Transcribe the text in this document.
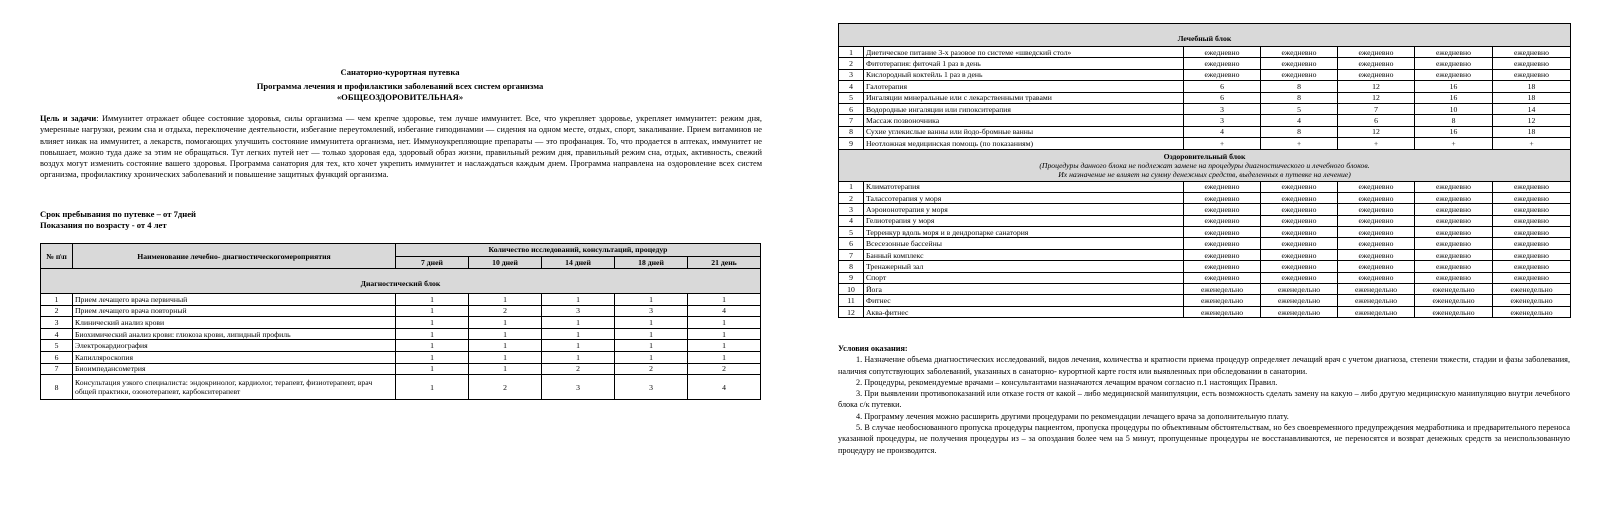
Санаторно-курортная путевка
Программа лечения и профилактики заболеваний всех систем организма
«ОБЩЕОЗДОРОВИТЕЛЬНАЯ»

Цель и задачи: Иммунитет отражает общее состояние здоровья, силы организма — чем крепче здоровье, тем лучше иммунитет. Все, что укрепляет здоровье, укрепляет иммунитет: режим дня, умеренные нагрузки, режим сна и отдыха, переключение деятельности, избегание переутомлений, избегание гиподинамии — сидения на одном месте, отдых, спорт, закаливание. Прием витаминов не влияет никак на иммунитет, а лекарств, помогающих улучшить состояние иммунитета организма, нет. Иммуноукрепляющие препараты — это профанация. То, что продается в аптеках, иммунитет не повышает, можно туда даже за этим не обращаться. Тут легких путей нет — только здоровая еда, здоровый образ жизни, правильный режим дня, правильный режим сна, отдых, активность, свежий воздух могут изменить состояние вашего здоровья. Программа санатория для тех, кто хочет укрепить иммунитет и наслаждаться каждым днем. Программа направлена на оздоровление всех систем организма, профилактику хронических заболеваний и повышение защитных функций организма.

Срок пребывания по путевке – от 7дней
Показания по возрасту - от 4 лет
№ п\п	Наименование лечебно- диагностическогомероприятия	Количество исследований, консультаций, процедур				
		7 дней	10 дней	14 дней	18 дней	21 день
Диагностический блок						
1	Прием лечащего врача первичный	1	1	1	1	1
2	Прием лечащего врача повторный	1	2	3	3	4
3	Клинический анализ крови	1	1	1	1	1
4	Биохимический анализ крови: глюкоза крови, липидный профиль	1	1	1	1	1
5	Электрокардиография	1	1	1	1	1
6	Капилляроскопия	1	1	1	1	1
7	Биоимпедансометрия	1	1	2	2	2
8	Консультация узкого специалиста: эндокринолог, кардиолог, терапевт, физиотерапевт, врач общей практики, озонотерапевт, карбокситерапевт	1	2	3	3	4
Лечебный блок						
1	Диетическое питание 3-х разовое по системе «шведский стол»	ежедневно	ежедневно	ежедневно	ежедневно	ежедневно
2	Фитотерапия: фиточай 1 раз в день	ежедневно	ежедневно	ежедневно	ежедневно	ежедневно
3	Кислородный коктейль 1 раз в день	ежедневно	ежедневно	ежедневно	ежедневно	ежедневно
4	Галотерапия	6	8	12	16	18
5	Ингаляции минеральные или с лекарственными травами	6	8	12	16	18
6	Водородные ингаляции или гипокситерапия	3	5	7	10	14
7	Массаж позвоночника	3	4	6	8	12
8	Сухие углекислые ванны или йодо-бромные ванны	4	8	12	16	18
9	Неотложная медицинская помощь (по показаниям)	+	+	+	+	+

Оздоровительный блок
(Процедуры данного блока не подлежат замене на процедуры диагностического и лечебного блоков.
Их назначение не влияет на сумму денежных средств, выделенных в путевке на лечение)						

1	Климатотерапия	ежедневно	ежедневно	ежедневно	ежедневно	ежедневно
2	Талассотерапия у моря	ежедневно	ежедневно	ежедневно	ежедневно	ежедневно
3	Аэроионотерапия у моря	ежедневно	ежедневно	ежедневно	ежедневно	ежедневно
4	Гелиотерапия у моря	ежедневно	ежедневно	ежедневно	ежедневно	ежедневно
5	Терренкур вдоль моря и в дендропарке санатория	ежедневно	ежедневно	ежедневно	ежедневно	ежедневно
6	Всесезонные бассейны	ежедневно	ежедневно	ежедневно	ежедневно	ежедневно
7	Банный комплекс	ежедневно	ежедневно	ежедневно	ежедневно	ежедневно
8	Тренажерный зал	ежедневно	ежедневно	ежедневно	ежедневно	ежедневно
9	Спорт	ежедневно	ежедневно	ежедневно	ежедневно	ежедневно
10	Йога	еженедельно	еженедельно	еженедельно	еженедельно	еженедельно
11	Фитнес	еженедельно	еженедельно	еженедельно	еженедельно	еженедельно
12	Аква-фитнес	еженедельно	еженедельно	еженедельно	еженедельно	еженедельно
Условия оказания:

1. Назначение объема диагностических исследований, видов лечения, количества и кратности приема процедур определяет лечащий врач с учетом диагноза, степени тяжести, стадии и фазы заболевания, наличия сопутствующих заболеваний, указанных в санаторно- курортной карте гостя или выявленных при обследовании в санатории.

2. Процедуры, рекомендуемые врачами – консультантами назначаются лечащим врачом согласно п.1 настоящих Правил.

3. При выявлении противопоказаний или отказе гостя от какой – либо медицинской манипуляции, есть возможность сделать замену на какую – либо другую медицинскую манипуляцию внутри лечебного блока с/к путевки.

4. Программу лечения можно расширить другими процедурами по рекомендации лечащего врача за дополнительную плату.

5. В случае необоснованного пропуска процедуры пациентом, пропуска процедуры по объективным обстоятельствам, но без своевременного предупреждения медработника и предварительного переноса указанной процедуры, не получения процедуры из – за опоздания более чем на 5 минут, пропущенные процедуры не восстанавливаются, не переносятся и возврат денежных средств за неиспользованную процедуру не производится.
